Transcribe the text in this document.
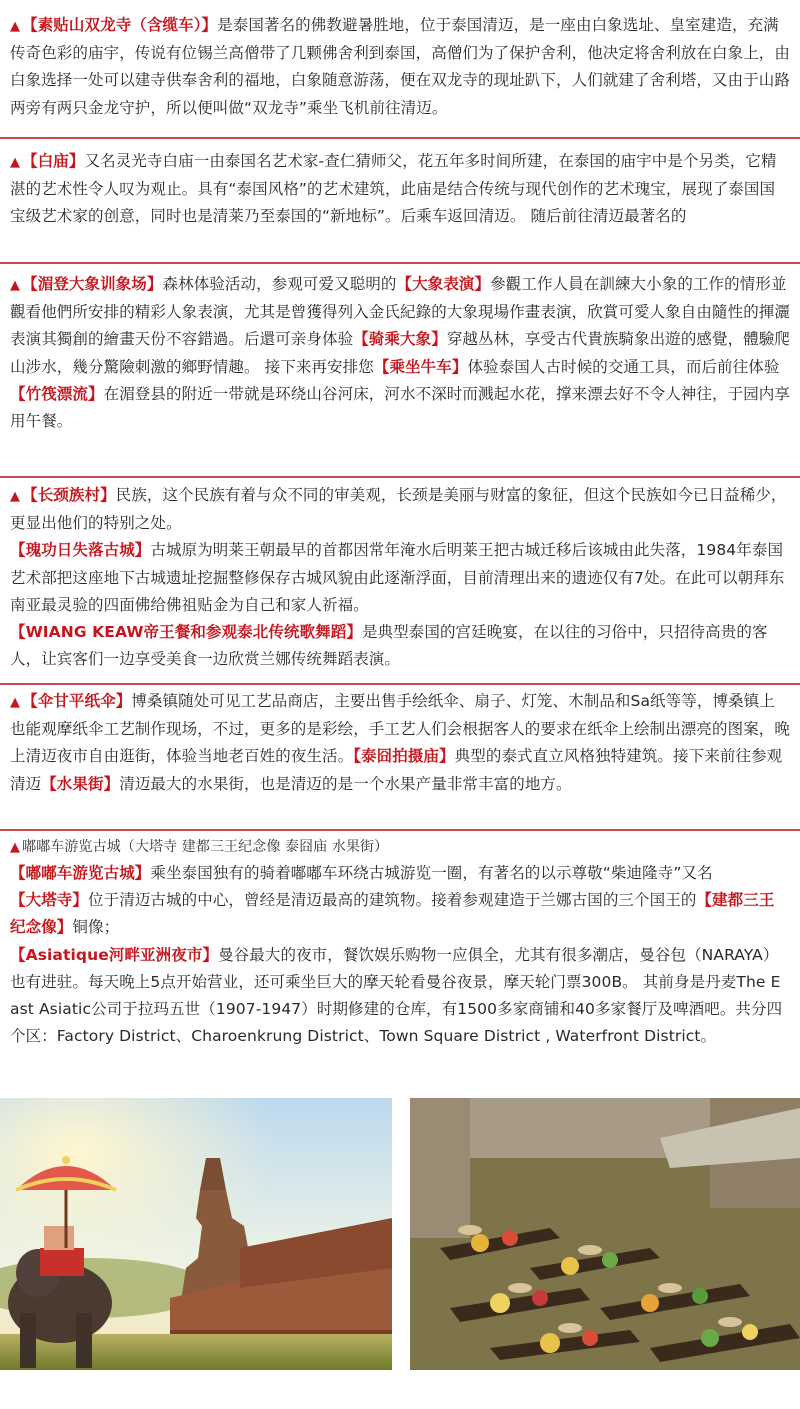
▲ 【素贴山双龙寺（含缆车）】是泰国著名的佛教避暑胜地，位于泰国清迈，是一座由白象选址、皇室建造，充满传奇色彩的庙宇，传说有位锡兰高僧带了几颗佛舍利到泰国，高僧们为了保护舍利，他决定将舍利放在白象上，由白象选择一处可以建寺供奉舍利的福地，白象随意游荡，便在双龙寺的现址趴下，人们就建了舍利塔，又由于山路两旁有两只金龙守护，所以便叫做“双龙寺”乘坐飞机前往清迈。

▲ 【白庙】又名灵光寺白庙一由泰国名艺术家-查仁猜师父，花五年多时间所建，在泰国的庙宇中是个另类，它精湛的艺术性令人叹为观止。具有“泰国风格”的艺术建筑，此庙是结合传统与现代创作的艺术瑰宝，展现了泰国国宝级艺术家的创意，同时也是清莱乃至泰国的“新地标”。后乘车返回清迈。 随后前往清迈最著名的

▲ 【湄登大象训象场】森林体验活动，参观可爱又聪明的【大象表演】參觀工作人員在訓練大小象的工作的情形並觀看他們所安排的精彩人象表演，尤其是曾獲得列入金氏紀錄的大象現場作畫表演，欣賞可愛人象自由隨性的揮灑表演其獨創的繪畫天份不容錯過。后還可亲身体验【骑乘大象】穿越丛林，享受古代貴族騎象出遊的感覺，體驗爬山涉水，幾分驚險刺激的鄉野情趣。 接下来再安排您【乘坐牛车】体验泰国人古时候的交通工具，而后前往体验【竹筏漂流】在湄登县的附近一带就是环绕山谷河床，河水不深时而溅起水花，撑来漂去好不令人神往，于园内享用午餐。

▲ 【长颈族村】民族，这个民族有着与众不同的审美观，长颈是美丽与财富的象征，但这个民族如今已日益稀少，更显出他们的特别之处。

【瑰功日失落古城】古城原为明莱王朝最早的首都因常年淹水后明莱王把古城迁移后该城由此失落，1984年泰国艺术部把这座地下古城遗址挖掘整修保存古城风貌由此逐渐浮面，目前清理出来的遗迹仅有7处。在此可以朝拜东南亚最灵验的四面佛给佛祖贴金为自己和家人祈福。

【WIANG KEAW帝王餐和参观泰北传统歌舞蹈】是典型泰国的宫廷晚宴，在以往的习俗中，只招待高贵的客人，让宾客们一边享受美食一边欣赏兰娜传统舞蹈表演。

▲ 【伞甘平纸伞】博桑镇随处可见工艺品商店，主要出售手绘纸伞、扇子、灯笼、木制品和Sa纸等等，博桑镇上也能观摩纸伞工艺制作现场，不过，更多的是彩绘，手工艺人们会根据客人的要求在纸伞上绘制出漂亮的图案，晚上清迈夜市自由逛街，体验当地老百姓的夜生活。【泰囧拍摄庙】典型的泰式直立风格独特建筑。接下来前往参观清迈【水果街】清迈最大的水果街，也是清迈的是一个水果产量非常丰富的地方。

▲ 嘟嘟车游览古城（大塔寺 建都三王纪念像 泰囧庙 水果街）

【嘟嘟车游览古城】乘坐泰国独有的骑着嘟嘟车环绕古城游览一圈，有著名的以示尊敬“柴迪隆寺”又名【大塔寺】位于清迈古城的中心，曾经是清迈最高的建筑物。接着参观建造于兰娜古国的三个国王的【建都三王纪念像】铜像；

【Asiatique河畔亚洲夜市】曼谷最大的夜市，餐饮娱乐购物一应俱全，尤其有很多潮店，曼谷包（NARAYA）也有进驻。每天晚上5点开始营业，还可乘坐巨大的摩天轮看曼谷夜景，摩天轮门票300B。 其前身是丹麦The East Asiatic公司于拉玛五世（1907-1947）时期修建的仓库，有1500多家商铺和40多家餐厅及啤酒吧。共分四个区：Factory District、Charoenkrung District、Town Square District , Waterfront District。
